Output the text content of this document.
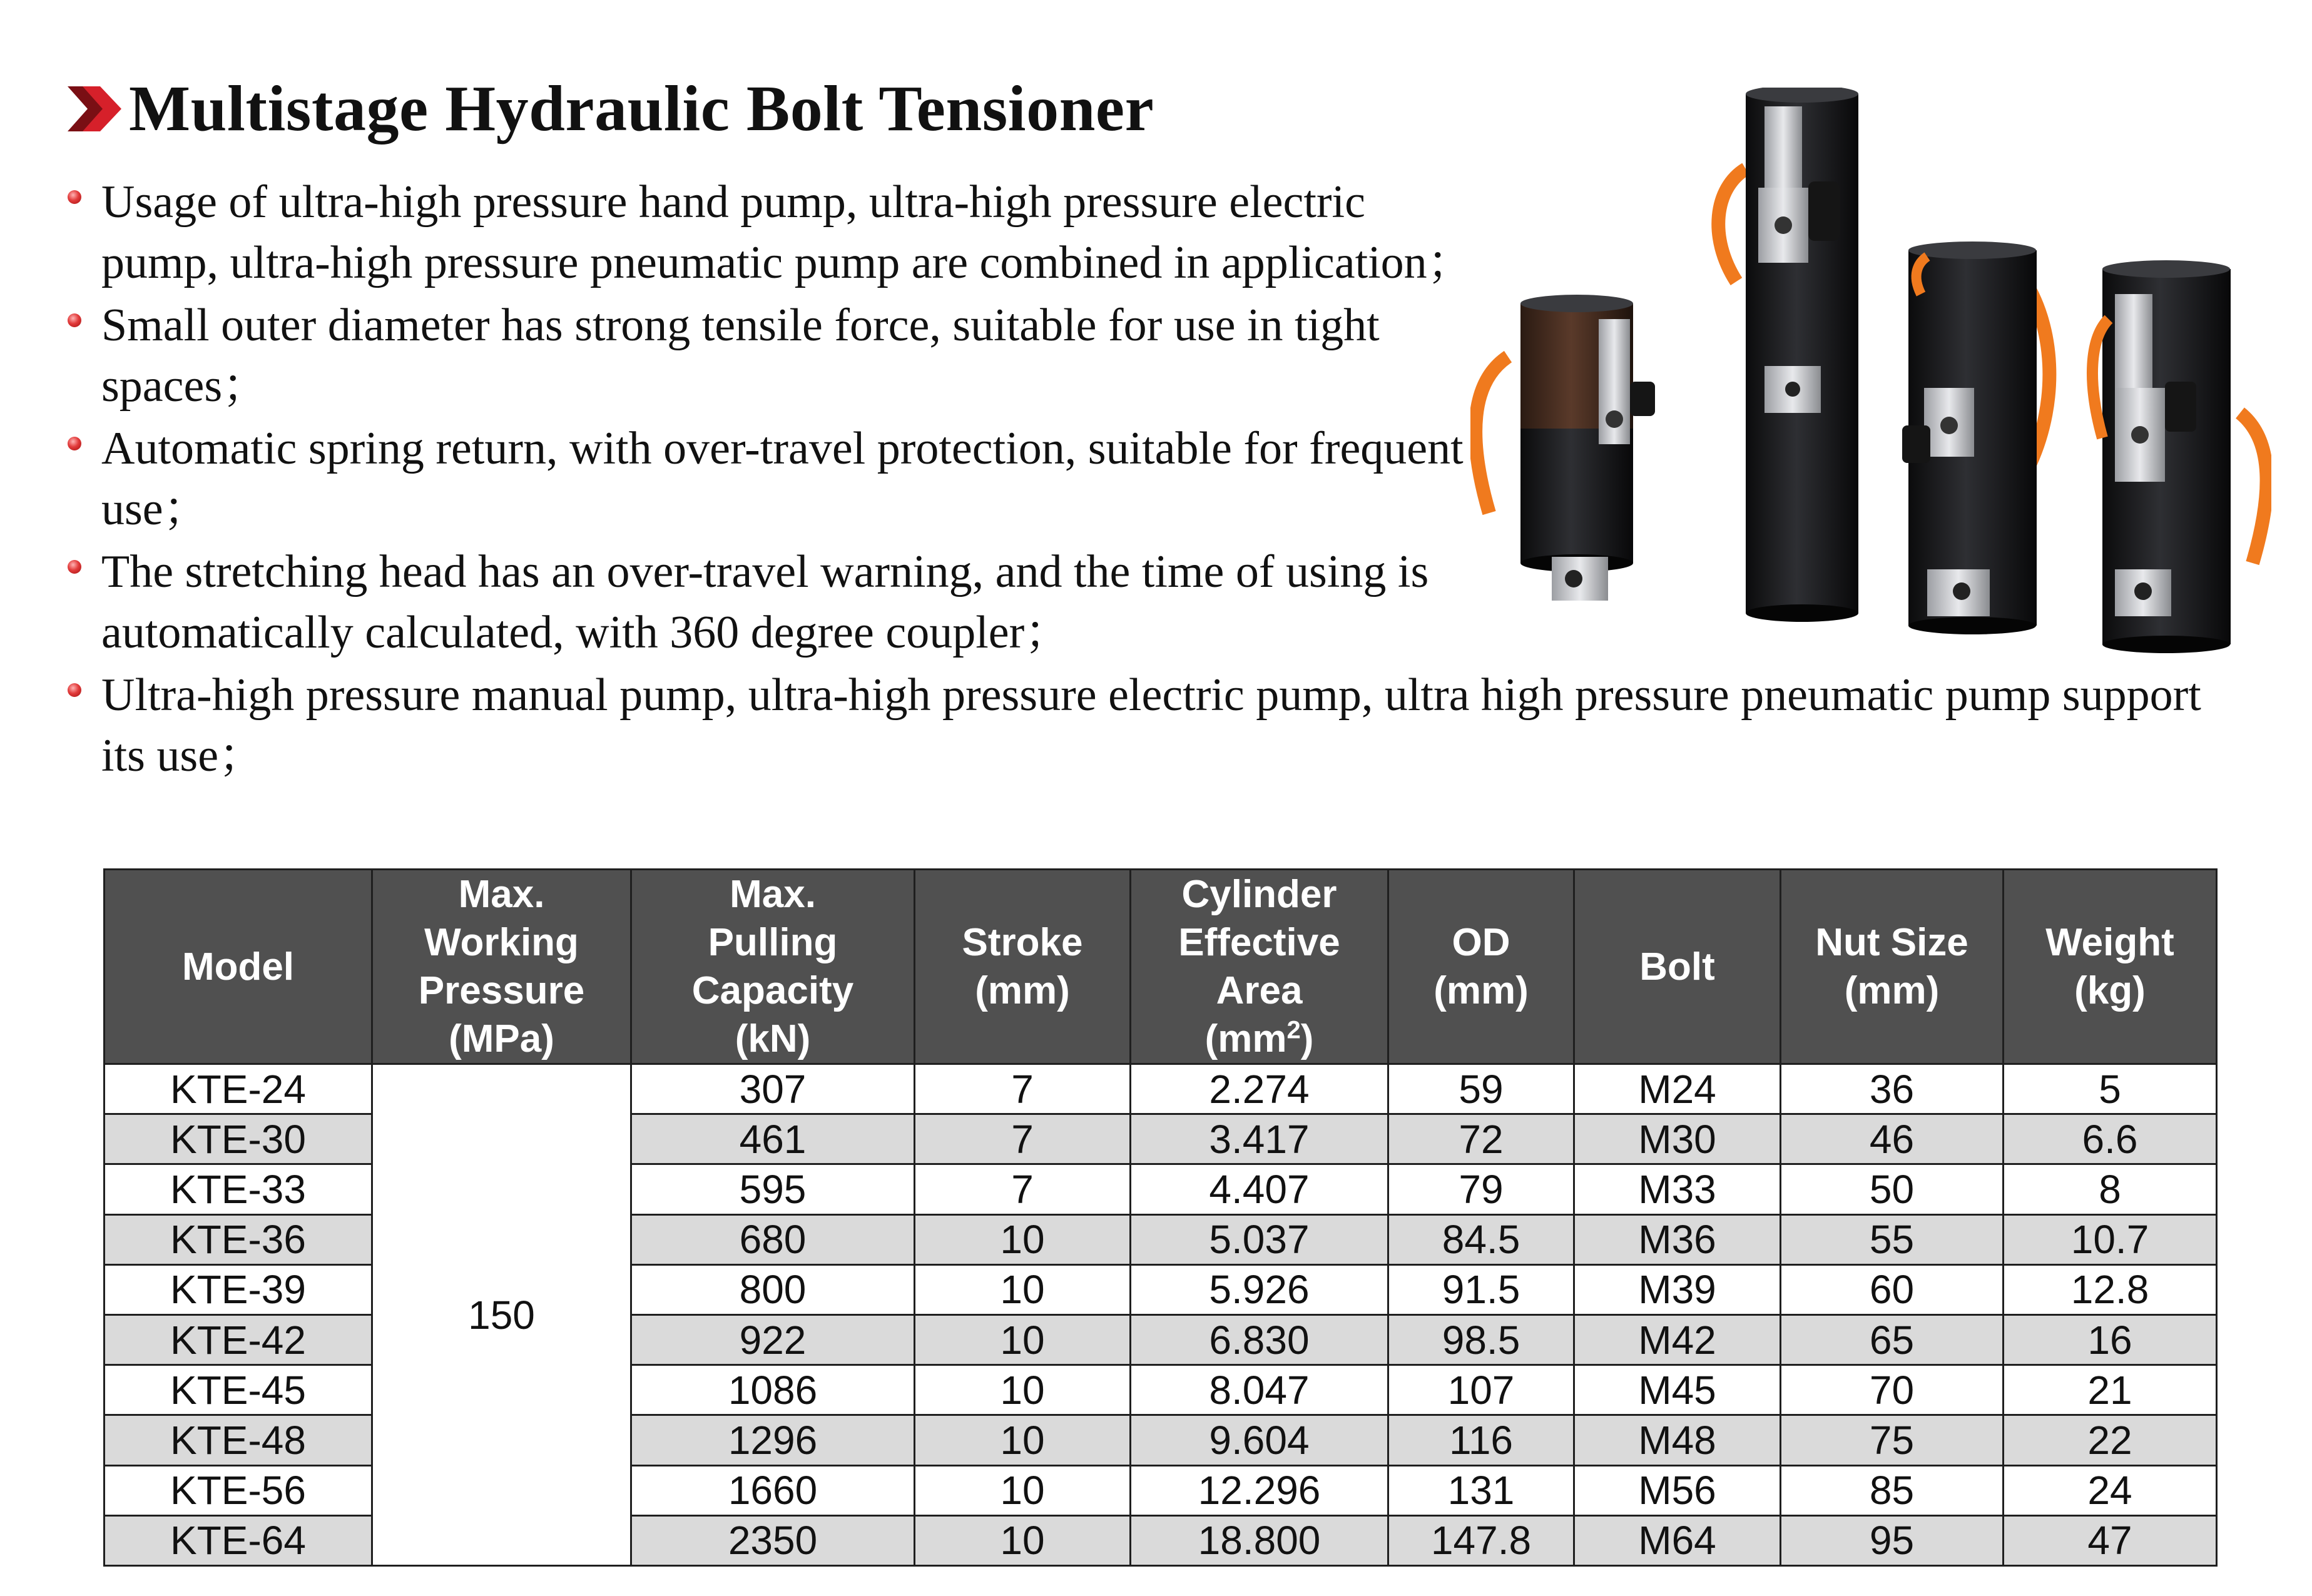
Multistage Hydraulic Bolt Tensioner
Usage of ultra-high pressure hand pump, ultra-high pressure electric pump, ultra-high pressure pneumatic pump are combined in application；
Small outer diameter has strong tensile force, suitable for use in tight spaces；
Automatic spring return, with over-travel protection, suitable for frequent use；
The stretching head has an over-travel warning, and the time of using is automatically calculated, with 360 degree coupler；
Ultra-high pressure manual pump, ultra-high pressure electric pump, ultra high pressure pneumatic pump support its use；
Model	Max.
Working
Pressure
(MPa)	Max.
Pulling
Capacity
(kN)	Stroke
(mm)	Cylinder
Effective
Area
$(mm^2)$	OD
(mm)	Bolt	Nut Size
(mm)	Weight
(kg)
KTE-24	150	307	7	2.274	59	M24	36	5
KTE-30		461	7	3.417	72	M30	46	6.6
KTE-33		595	7	4.407	79	M33	50	8
KTE-36		680	10	5.037	84.5	M36	55	10.7
KTE-39		800	10	5.926	91.5	M39	60	12.8
KTE-42		922	10	6.830	98.5	M42	65	16
KTE-45		1086	10	8.047	107	M45	70	21
KTE-48		1296	10	9.604	116	M48	75	22
KTE-56		1660	10	12.296	131	M56	85	24
KTE-64		2350	10	18.800	147.8	M64	95	47
